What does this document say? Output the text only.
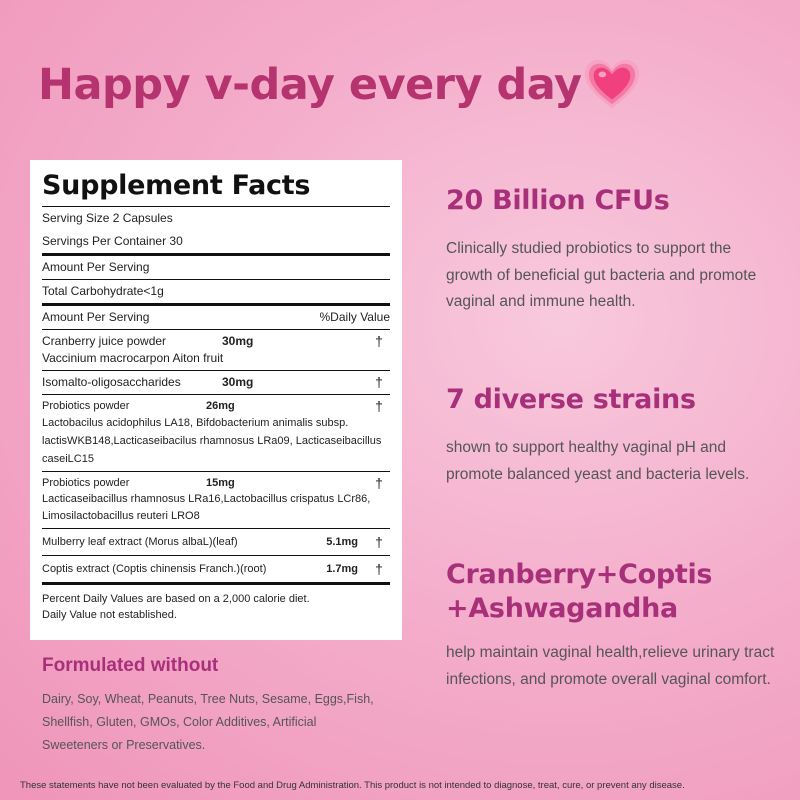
Happy v-day every day
Supplement Facts
Serving Size 2 Capsules
Servings Per Container 30
Amount Per Serving
Total Carbohydrate<1g
Amount Per Serving	%Daily Value
Cranberry juice powder	30mg	†
Vaccinium macrocarpon Aiton fruit
Isomalto-oligosaccharides	30mg	†
Probiotics powder	26mg	†
Lactobacilus acidophilus LA18, Bifdobacterium animalis subsp. lactisWKB148,Lacticaseibacilus rhamnosus LRa09, Lacticaseibacillus caseiLC15
Probiotics powder	15mg	†
Lacticaseibacillus rhamnosus LRa16,Lactobacillus crispatus LCr86, Limosilactobacillus reuteri LRO8
Mulberry leaf extract (Morus albaL)(leaf)	5.1mg †
Coptis extract (Coptis chinensis Franch.)(root)	1.7mg †
Percent Daily Values are based on a 2,000 calorie diet.
Daily Value not established.
Formulated without
Dairy, Soy, Wheat, Peanuts, Tree Nuts, Sesame, Eggs,Fish, Shellfish, Gluten, GMOs, Color Additives, Artificial Sweeteners or Preservatives.
20 Billion CFUs

Clinically studied probiotics to support the growth of beneficial gut bacteria and promote vaginal and immune health.

7 diverse strains

shown to support healthy vaginal pH and promote balanced yeast and bacteria levels.

Cranberry+Coptis +Ashwagandha

help maintain vaginal health,relieve urinary tract infections, and promote overall vaginal comfort.

These statements have not been evaluated by the Food and Drug Administration. This product is not intended to diagnose, treat, cure, or prevent any disease.
